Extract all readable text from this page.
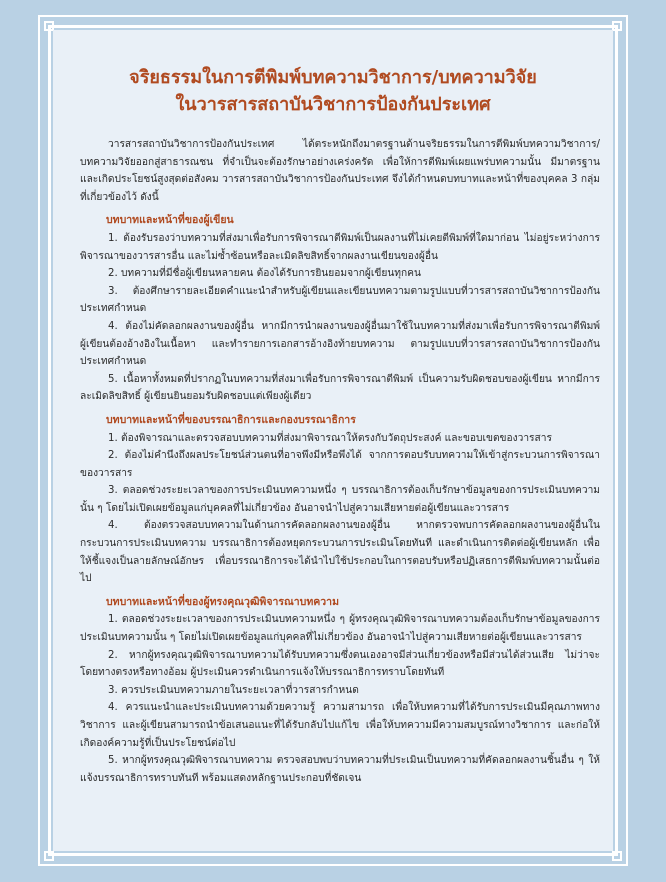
จริยธรรมในการตีพิมพ์บทความวิชาการ/บทความวิจัย
ในวารสารสถาบันวิชาการป้องกันประเทศ

วารสารสถาบันวิชาการป้องกันประเทศ ได้ตระหนักถึงมาตรฐานด้านจริยธรรมในการตีพิมพ์บทความวิชาการ/บทความวิจัยออกสู่สาธารณชน ที่จำเป็นจะต้องรักษาอย่างเคร่งครัด เพื่อให้การตีพิมพ์เผยแพร่บทความนั้น มีมาตรฐาน และเกิดประโยชน์สูงสุดต่อสังคม วารสารสถาบันวิชาการป้องกันประเทศ จึงได้กำหนดบทบาทและหน้าที่ของบุคคล 3 กลุ่ม ที่เกี่ยวข้องไว้ ดังนี้

บทบาทและหน้าที่ของผู้เขียน

1. ต้องรับรองว่าบทความที่ส่งมาเพื่อรับการพิจารณาตีพิมพ์เป็นผลงานที่ไม่เคยตีพิมพ์ที่ใดมาก่อน ไม่อยู่ระหว่างการพิจารณาของวารสารอื่น และไม่ซ้ำซ้อนหรือละเมิดลิขสิทธิ์จากผลงานเขียนของผู้อื่น

2. บทความที่มีชื่อผู้เขียนหลายคน ต้องได้รับการยินยอมจากผู้เขียนทุกคน

3. ต้องศึกษารายละเอียดคำแนะนำสำหรับผู้เขียนและเขียนบทความตามรูปแบบที่วารสารสถาบันวิชาการป้องกันประเทศกำหนด

4. ต้องไม่คัดลอกผลงานของผู้อื่น หากมีการนำผลงานของผู้อื่นมาใช้ในบทความที่ส่งมาเพื่อรับการพิจารณาตีพิมพ์ ผู้เขียนต้องอ้างอิงในเนื้อหา และทำรายการเอกสารอ้างอิงท้ายบทความ ตามรูปแบบที่วารสารสถาบันวิชาการป้องกันประเทศกำหนด

5. เนื้อหาทั้งหมดที่ปรากฏในบทความที่ส่งมาเพื่อรับการพิจารณาตีพิมพ์ เป็นความรับผิดชอบของผู้เขียน หากมีการละเมิดลิขสิทธิ์ ผู้เขียนยินยอมรับผิดชอบแต่เพียงผู้เดียว

บทบาทและหน้าที่ของบรรณาธิการและกองบรรณาธิการ

1. ต้องพิจารณาและตรวจสอบบทความที่ส่งมาพิจารณาให้ตรงกับวัตถุประสงค์ และขอบเขตของวารสาร

2. ต้องไม่คำนึงถึงผลประโยชน์ส่วนตนที่อาจพึงมีหรือพึงได้ จากการตอบรับบทความให้เข้าสู่กระบวนการพิจารณาของวารสาร

3. ตลอดช่วงระยะเวลาของการประเมินบทความหนึ่ง ๆ บรรณาธิการต้องเก็บรักษาข้อมูลของการประเมินบทความนั้น ๆ โดยไม่เปิดเผยข้อมูลแก่บุคคลที่ไม่เกี่ยวข้อง อันอาจนำไปสู่ความเสียหายต่อผู้เขียนและวารสาร

4. ต้องตรวจสอบบทความในด้านการคัดลอกผลงานของผู้อื่น หากตรวจพบการคัดลอกผลงานของผู้อื่นในกระบวนการประเมินบทความ บรรณาธิการต้องหยุดกระบวนการประเมินโดยทันที และดำเนินการติดต่อผู้เขียนหลัก เพื่อให้ชี้แจงเป็นลายลักษณ์อักษร เพื่อบรรณาธิการจะได้นำไปใช้ประกอบในการตอบรับหรือปฏิเสธการตีพิมพ์บทความนั้นต่อไป

บทบาทและหน้าที่ของผู้ทรงคุณวุฒิพิจารณาบทความ

1. ตลอดช่วงระยะเวลาของการประเมินบทความหนึ่ง ๆ ผู้ทรงคุณวุฒิพิจารณาบทความต้องเก็บรักษาข้อมูลของการประเมินบทความนั้น ๆ โดยไม่เปิดเผยข้อมูลแก่บุคคลที่ไม่เกี่ยวข้อง อันอาจนำไปสู่ความเสียหายต่อผู้เขียนและวารสาร

2. หากผู้ทรงคุณวุฒิพิจารณาบทความได้รับบทความซึ่งตนเองอาจมีส่วนเกี่ยวข้องหรือมีส่วนได้ส่วนเสีย ไม่ว่าจะโดยทางตรงหรือทางอ้อม ผู้ประเมินควรดำเนินการแจ้งให้บรรณาธิการทราบโดยทันที

3. ควรประเมินบทความภายในระยะเวลาที่วารสารกำหนด

4. ควรแนะนำและประเมินบทความด้วยความรู้ ความสามารถ เพื่อให้บทความที่ได้รับการประเมินมีคุณภาพทางวิชาการ และผู้เขียนสามารถนำข้อเสนอแนะที่ได้รับกลับไปแก้ไข เพื่อให้บทความมีความสมบูรณ์ทางวิชาการ และก่อให้เกิดองค์ความรู้ที่เป็นประโยชน์ต่อไป

5. หากผู้ทรงคุณวุฒิพิจารณาบทความ ตรวจสอบพบว่าบทความที่ประเมินเป็นบทความที่คัดลอกผลงานชิ้นอื่น ๆ ให้แจ้งบรรณาธิการทราบทันที พร้อมแสดงหลักฐานประกอบที่ชัดเจน
